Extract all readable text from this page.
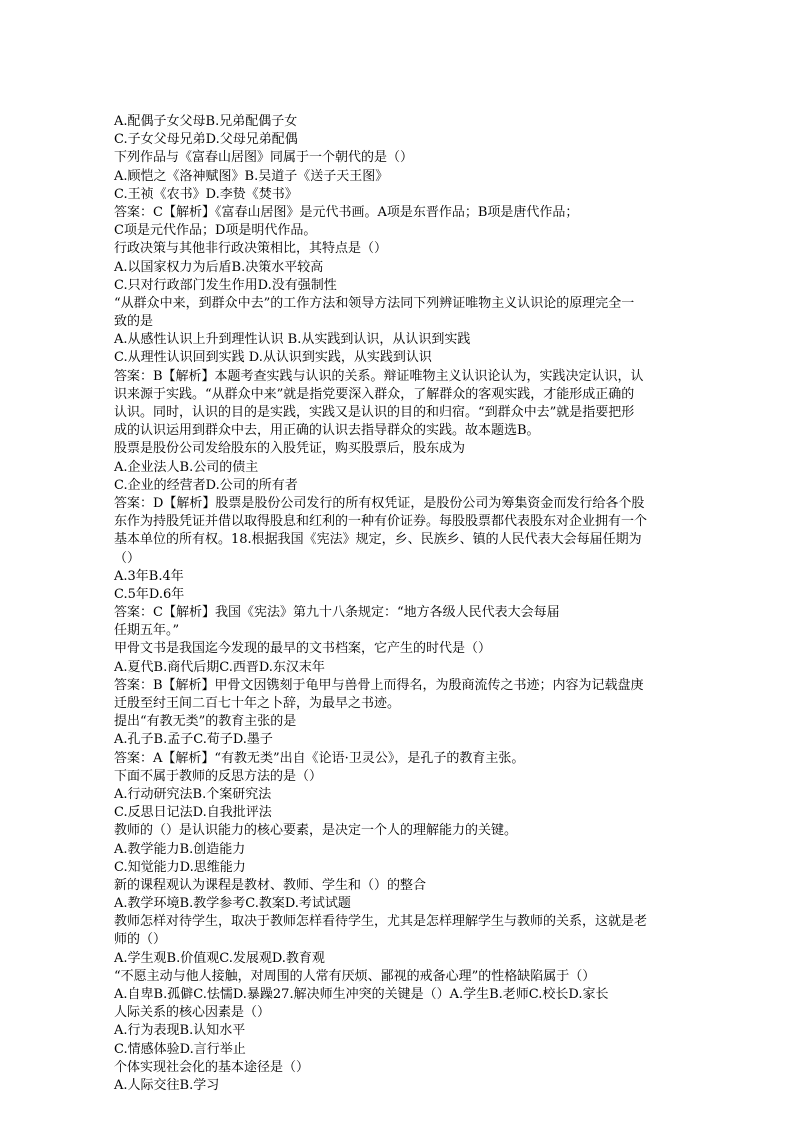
A.配偶子女父母B.兄弟配偶子女
C.子女父母兄弟D.父母兄弟配偶
下列作品与《富春山居图》同属于一个朝代的是（）
A.顾恺之《洛神赋图》B.吴道子《送子天王图》
C.王祯《农书》D.李贽《焚书》
答案：C【解析】《富春山居图》是元代书画。A项是东晋作品；B项是唐代作品；
C项是元代作品；D项是明代作品。
行政决策与其他非行政决策相比，其特点是（）
A.以国家权力为后盾B.决策水平较高
C.只对行政部门发生作用D.没有强制性
“从群众中来，到群众中去”的工作方法和领导方法同下列辨证唯物主义认识论的原理完全一
致的是
A.从感性认识上升到理性认识 B.从实践到认识，从认识到实践
C.从理性认识回到实践 D.从认识到实践，从实践到认识
答案：B【解析】本题考查实践与认识的关系。辩证唯物主义认识论认为，实践决定认识，认
识来源于实践。“从群众中来”就是指党要深入群众，了解群众的客观实践，才能形成正确的
认识。同时，认识的目的是实践，实践又是认识的目的和归宿。“到群众中去”就是指要把形
成的认识运用到群众中去，用正确的认识去指导群众的实践。故本题选B。
股票是股份公司发给股东的入股凭证，购买股票后，股东成为
A.企业法人B.公司的债主
C.企业的经营者D.公司的所有者
答案：D【解析】股票是股份公司发行的所有权凭证，是股份公司为筹集资金而发行给各个股
东作为持股凭证并借以取得股息和红利的一种有价证券。每股股票都代表股东对企业拥有一个
基本单位的所有权。18.根据我国《宪法》规定，乡、民族乡、镇的人民代表大会每届任期为
（）
A.3年B.4年
C.5年D.6年
答案：C【解析】我国《宪法》第九十八条规定：“地方各级人民代表大会每届
任期五年。”
甲骨文书是我国迄今发现的最早的文书档案，它产生的时代是（）
A.夏代B.商代后期C.西晋D.东汉末年
答案：B【解析】甲骨文因镌刻于龟甲与兽骨上而得名，为殷商流传之书迹；内容为记载盘庚
迁殷至纣王间二百七十年之卜辞，为最早之书迹。
提出“有教无类”的教育主张的是
A.孔子B.孟子C.荀子D.墨子
答案：A【解析】“有教无类”出自《论语·卫灵公》，是孔子的教育主张。
下面不属于教师的反思方法的是（）
A.行动研究法B.个案研究法
C.反思日记法D.自我批评法
教师的（）是认识能力的核心要素，是决定一个人的理解能力的关键。
A.教学能力B.创造能力
C.知觉能力D.思维能力
新的课程观认为课程是教材、教师、学生和（）的整合
A.教学环境B.教学参考C.教案D.考试试题
教师怎样对待学生，取决于教师怎样看待学生，尤其是怎样理解学生与教师的关系，这就是老
师的（）
A.学生观B.价值观C.发展观D.教育观
“不愿主动与他人接触，对周围的人常有厌烦、鄙视的戒备心理”的性格缺陷属于（）
A.自卑B.孤僻C.怯懦D.暴躁27.解决师生冲突的关键是（）A.学生B.老师C.校长D.家长
人际关系的核心因素是（）
A.行为表现B.认知水平
C.情感体验D.言行举止
个体实现社会化的基本途径是（）
A.人际交往B.学习
